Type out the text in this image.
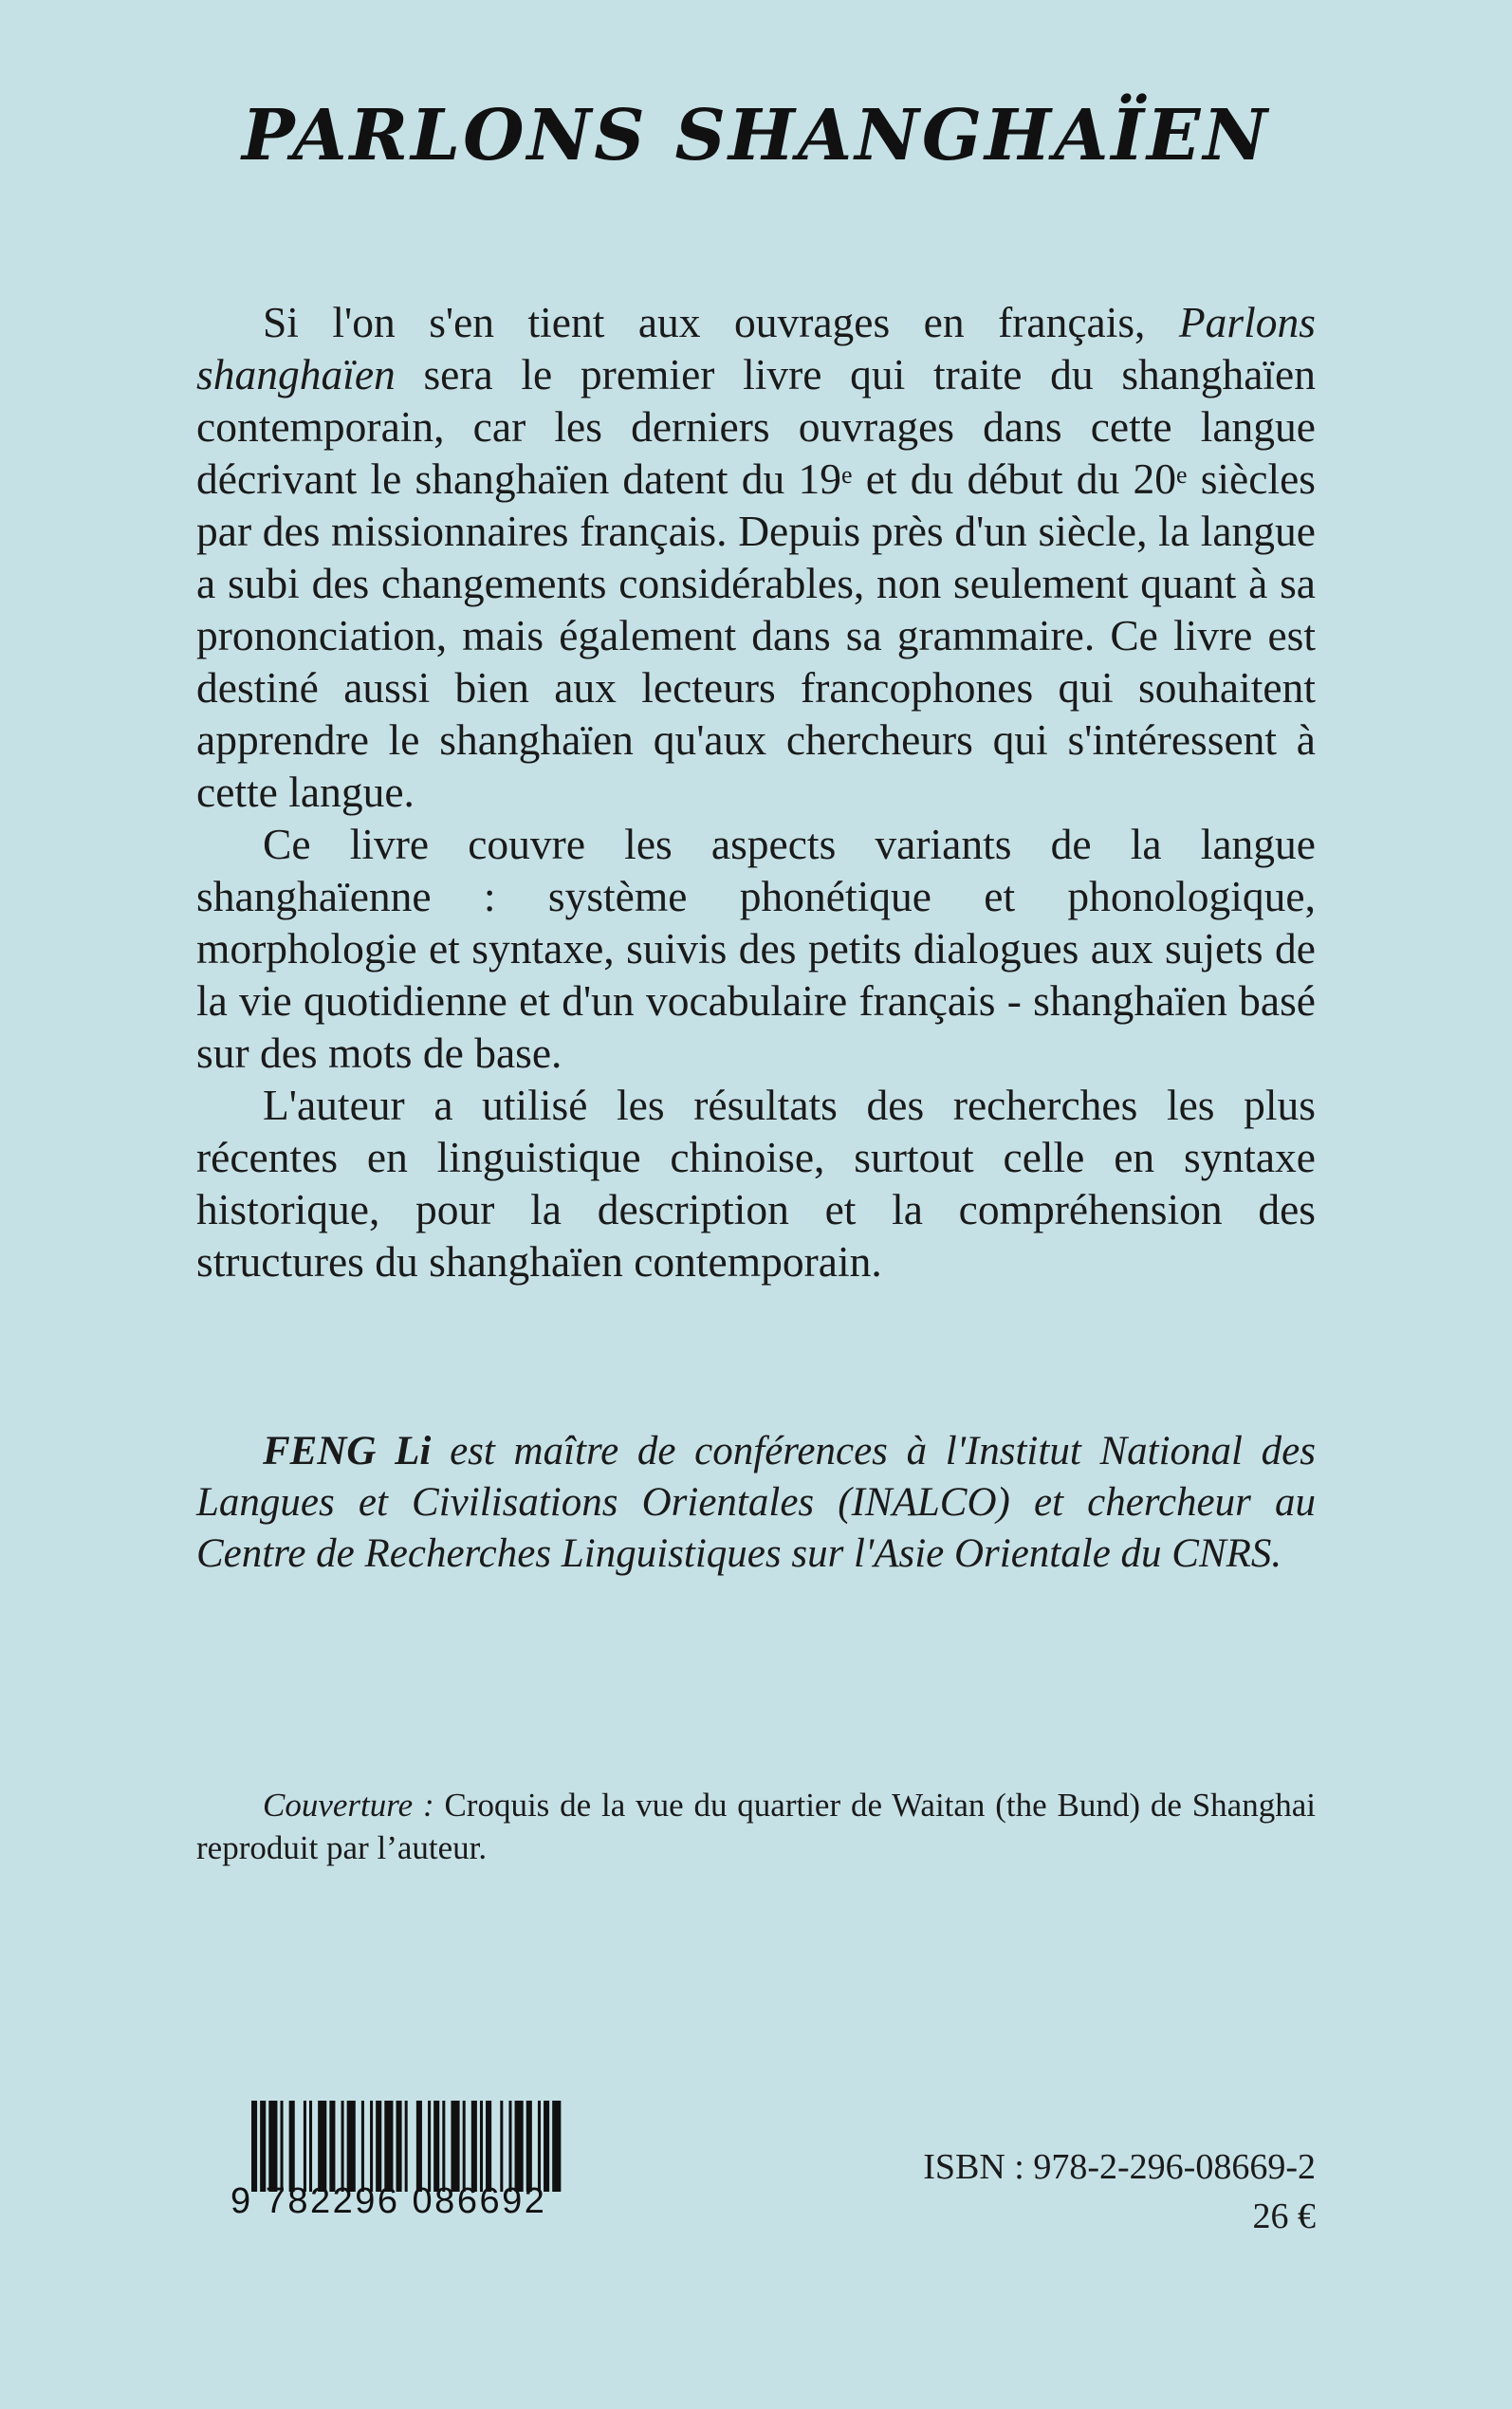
PARLONS SHANGHAÏEN

Si l'on s'en tient aux ouvrages en français, Parlons shanghaïen sera le premier livre qui traite du shanghaïen contemporain, car les derniers ouvrages dans cette langue décrivant le shanghaïen datent du 19e et du début du 20e siècles par des missionnaires français. Depuis près d'un siècle, la langue a subi des changements considérables, non seulement quant à sa prononciation, mais également dans sa grammaire. Ce livre est destiné aussi bien aux lecteurs francophones qui souhaitent apprendre le shanghaïen qu'aux chercheurs qui s'intéressent à cette langue.

Ce livre couvre les aspects variants de la langue shanghaïenne : système phonétique et phonologique, morphologie et syntaxe, suivis des petits dialogues aux sujets de la vie quotidienne et d'un vocabulaire français - shanghaïen basé sur des mots de base.

L'auteur a utilisé les résultats des recherches les plus récentes en linguistique chinoise, surtout celle en syntaxe historique, pour la description et la compréhension des structures du shanghaïen contemporain.

FENG Li est maître de conférences à l'Institut National des Langues et Civilisations Orientales (INALCO) et chercheur au Centre de Recherches Linguistiques sur l'Asie Orientale du CNRS.

Couverture : Croquis de la vue du quartier de Waitan (the Bund) de Shanghai reproduit par l’auteur.

9 782296 086692
ISBN : 978-2-296-08669-2
26 €
